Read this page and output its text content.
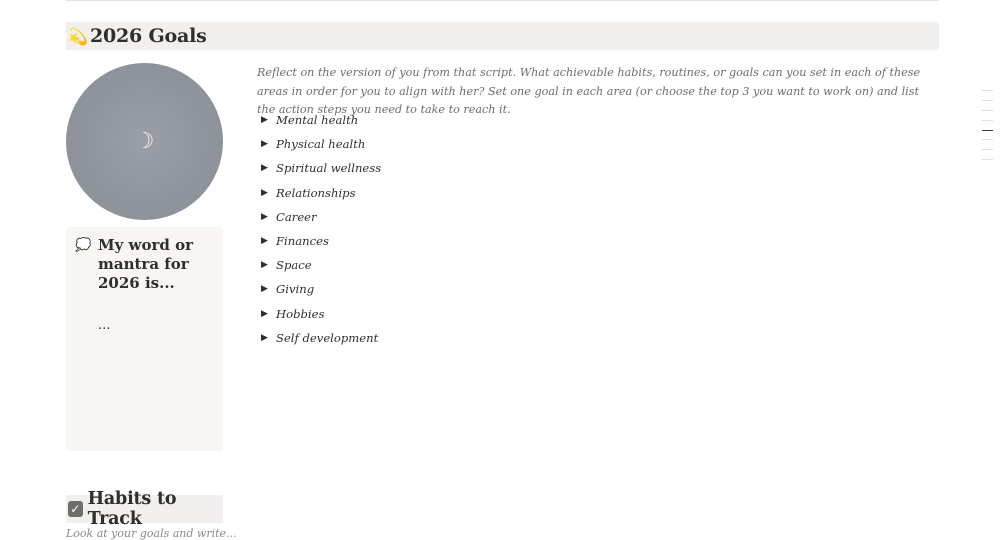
💫 2026 Goals
☽
💭 My word or mantra for 2026 is...
...
Reflect on the version of you from that script. What achievable habits, routines, or goals can you set in each of these areas in order for you to align with her? Set one goal in each area (or choose the top 3 you want to work on) and list the action steps you need to take to reach it.
▶ Mental health
▶ Physical health
▶ Spiritual wellness
▶ Relationships
▶ Career
▶ Finances
▶ Space
▶ Giving
▶ Hobbies
▶ Self development
✓ Habits to Track
Look at your goals and write...
